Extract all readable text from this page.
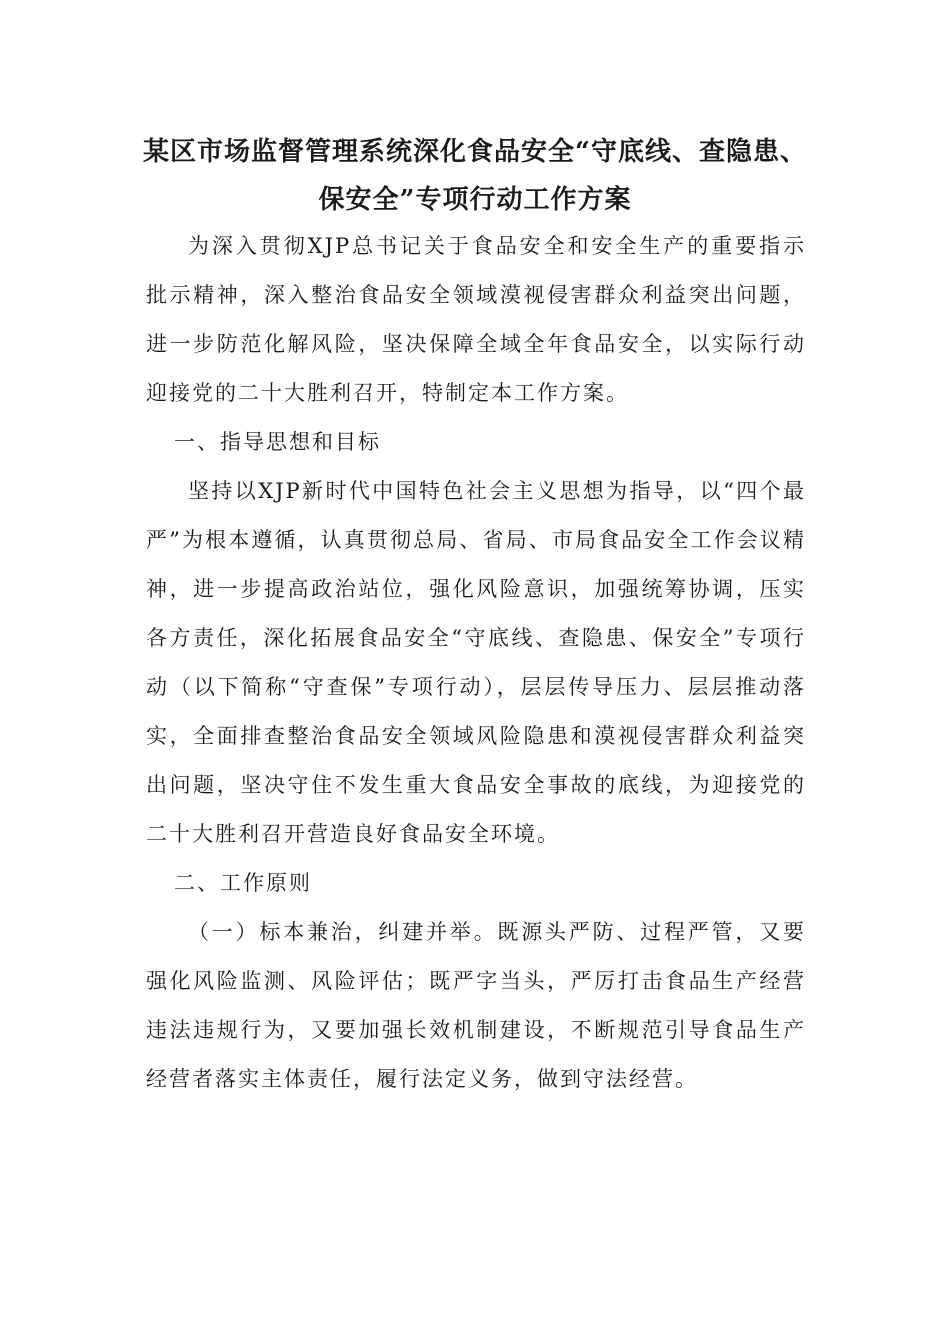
某区市场监督管理系统深化食品安全“守底线、查隐患、
保安全”专项行动工作方案

为深入贯彻XJP总书记关于食品安全和安全生产的重要指示批示精神，深入整治食品安全领域漠视侵害群众利益突出问题，进一步防范化解风险，坚决保障全域全年食品安全，以实际行动迎接党的二十大胜利召开，特制定本工作方案。

一、指导思想和目标

坚持以XJP新时代中国特色社会主义思想为指导，以“四个最严”为根本遵循，认真贯彻总局、省局、市局食品安全工作会议精神，进一步提高政治站位，强化风险意识，加强统筹协调，压实各方责任，深化拓展食品安全“守底线、查隐患、保安全”专项行动（以下简称“守查保”专项行动），层层传导压力、层层推动落实，全面排查整治食品安全领域风险隐患和漠视侵害群众利益突出问题，坚决守住不发生重大食品安全事故的底线，为迎接党的二十大胜利召开营造良好食品安全环境。

二、工作原则

（一）标本兼治，纠建并举。既源头严防、过程严管，又要强化风险监测、风险评估；既严字当头，严厉打击食品生产经营违法违规行为，又要加强长效机制建设，不断规范引导食品生产经营者落实主体责任，履行法定义务，做到守法经营。
